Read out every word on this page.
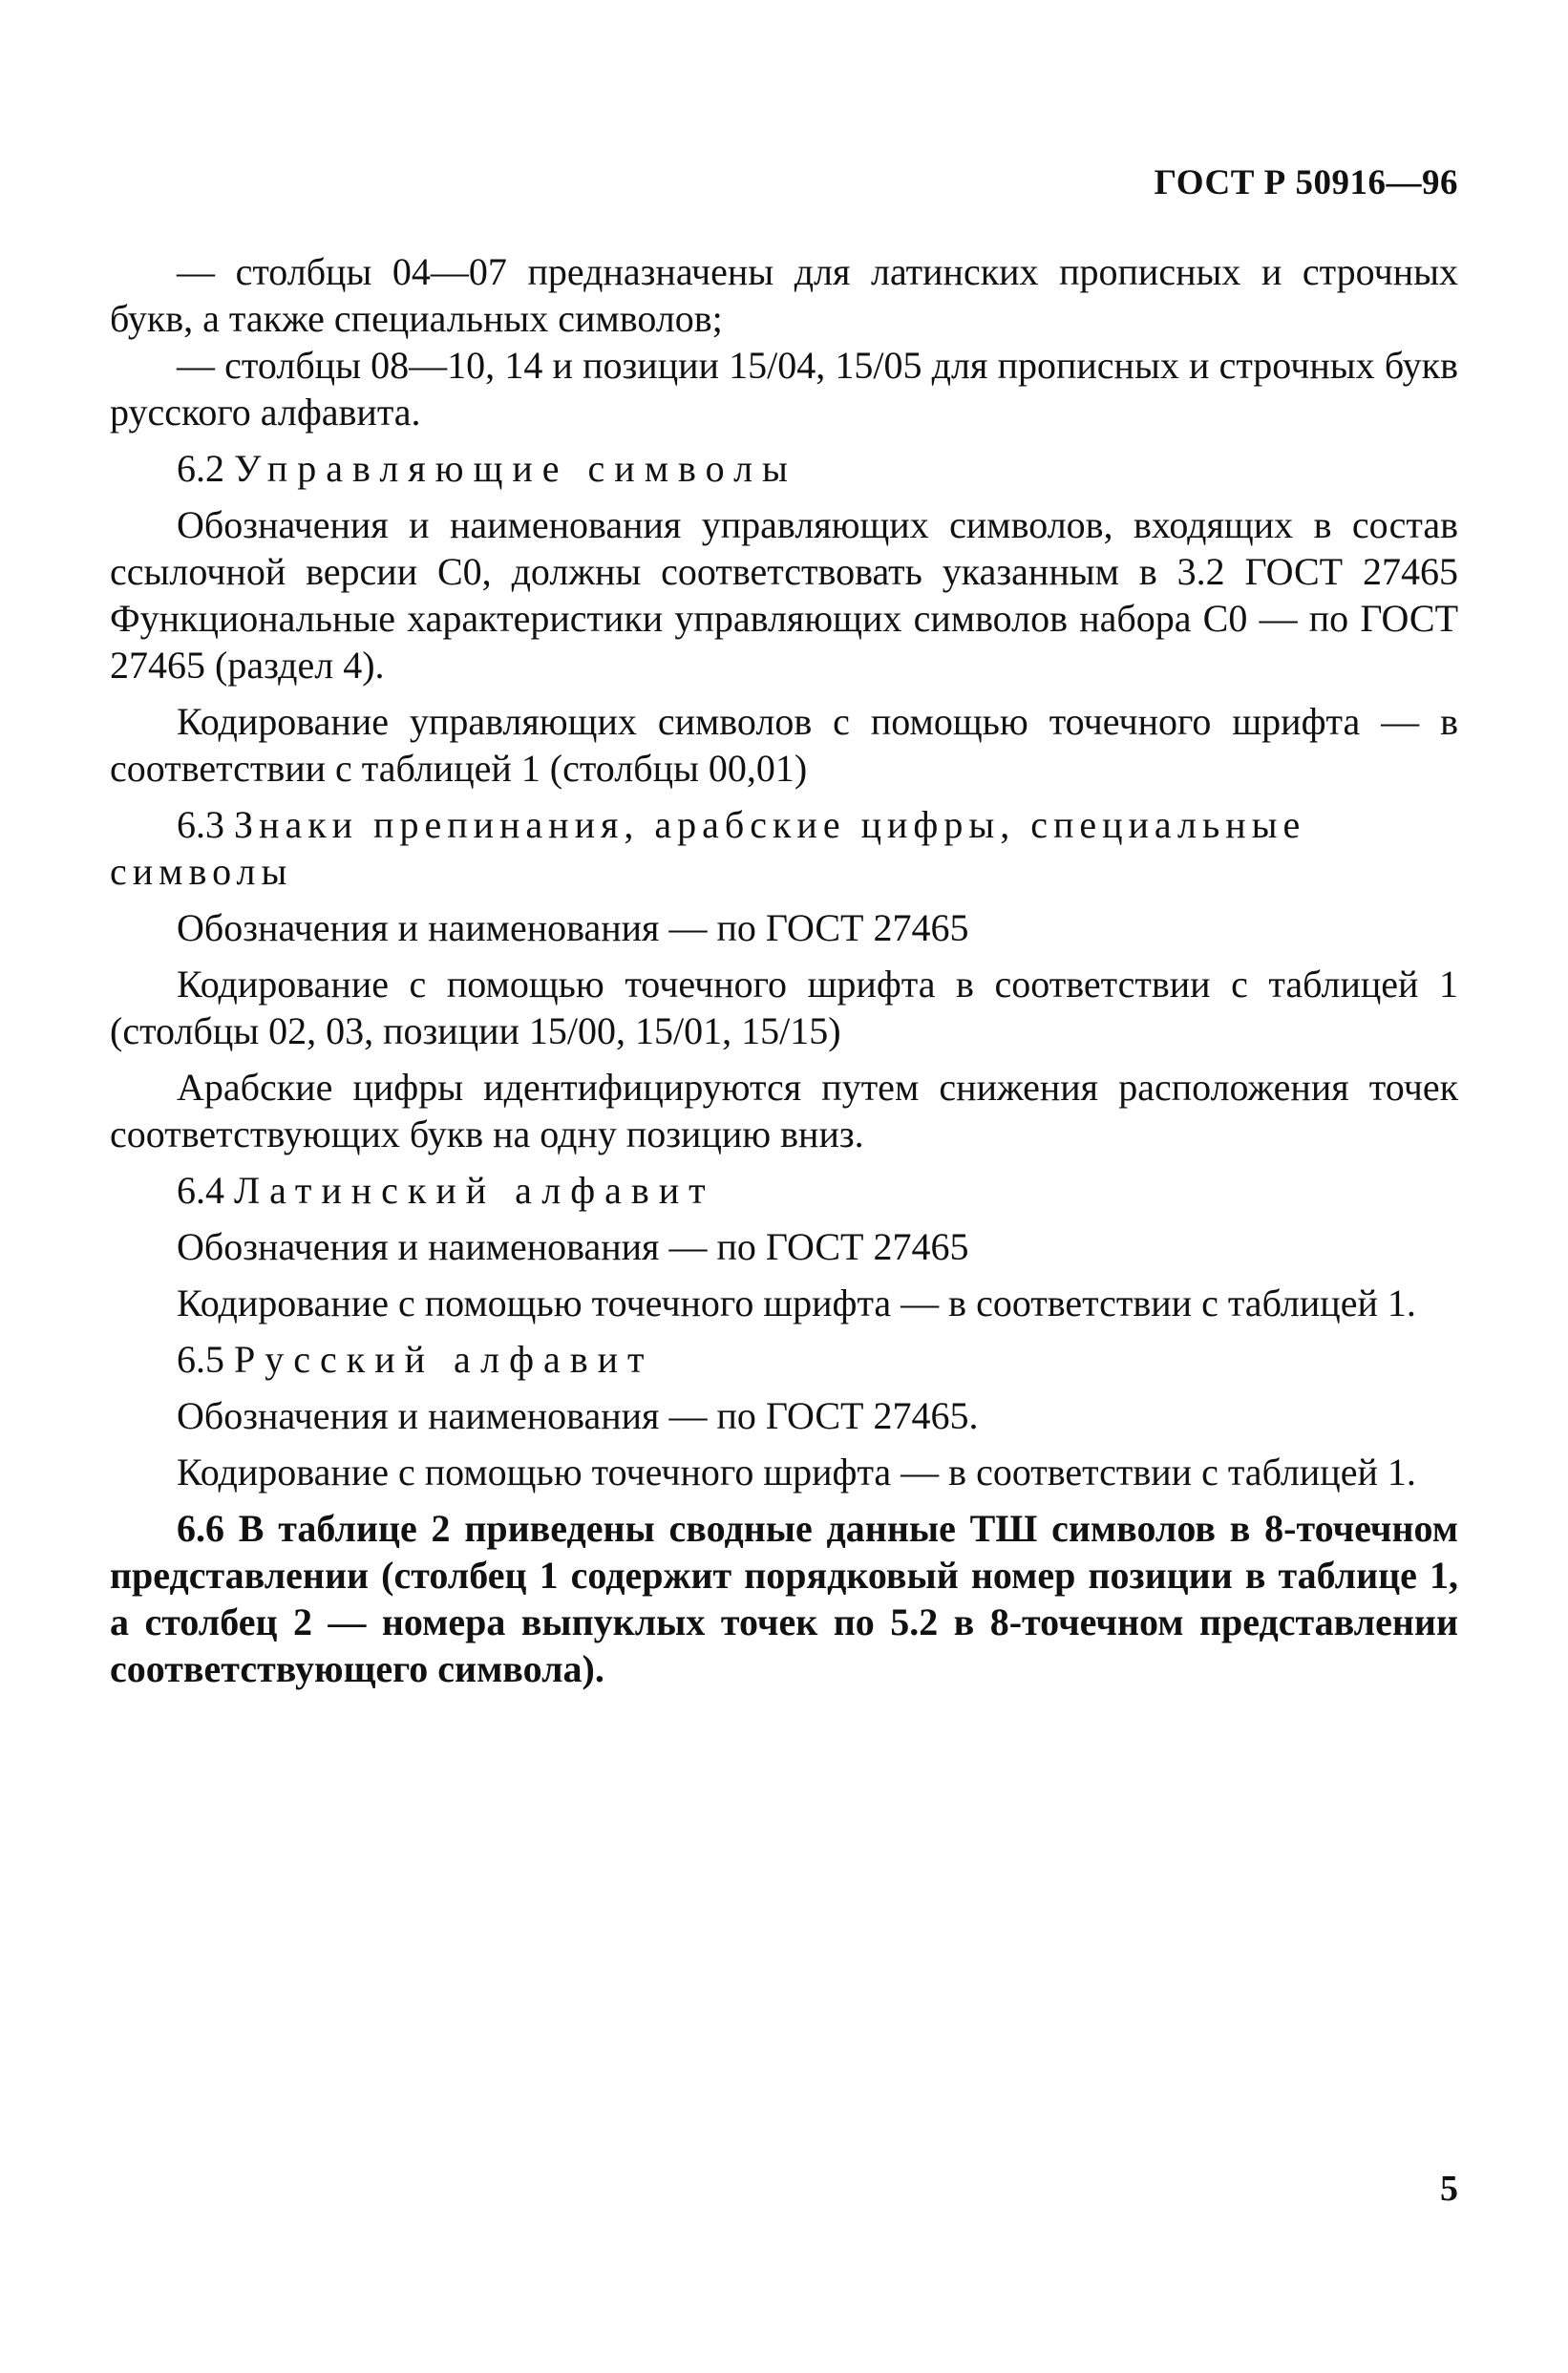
ГОСТ Р 50916—96

— столбцы 04—07 предназначены для латинских прописных и строчных букв, а также специальных символов;

— столбцы 08—10, 14 и позиции 15/04, 15/05 для прописных и строчных букв русского алфавита.

6.2 Управляющие символы

Обозначения и наименования управляющих символов, входящих в состав ссылочной версии С0, должны соответствовать указанным в 3.2 ГОСТ 27465 Функциональные характеристики управляющих символов набора С0 — по ГОСТ 27465 (раздел 4).

Кодирование управляющих символов с помощью точечного шрифта — в соответствии с таблицей 1 (столбцы 00,01)

6.3 Знаки препинания, арабские цифры, специальные символы

Обозначения и наименования — по ГОСТ 27465

Кодирование с помощью точечного шрифта в соответствии с таблицей 1 (столбцы 02, 03, позиции 15/00, 15/01, 15/15)

Арабские цифры идентифицируются путем снижения расположения точек соответствующих букв на одну позицию вниз.

6.4 Латинский алфавит

Обозначения и наименования — по ГОСТ 27465

Кодирование с помощью точечного шрифта — в соответствии с таблицей 1.

6.5 Русский алфавит

Обозначения и наименования — по ГОСТ 27465.

Кодирование с помощью точечного шрифта — в соответствии с таблицей 1.

6.6 В таблице 2 приведены сводные данные ТШ символов в 8-точечном представлении (столбец 1 содержит порядковый номер позиции в таблице 1, а столбец 2 — номера выпуклых точек по 5.2 в 8-точечном представлении соответствующего символа).

5
